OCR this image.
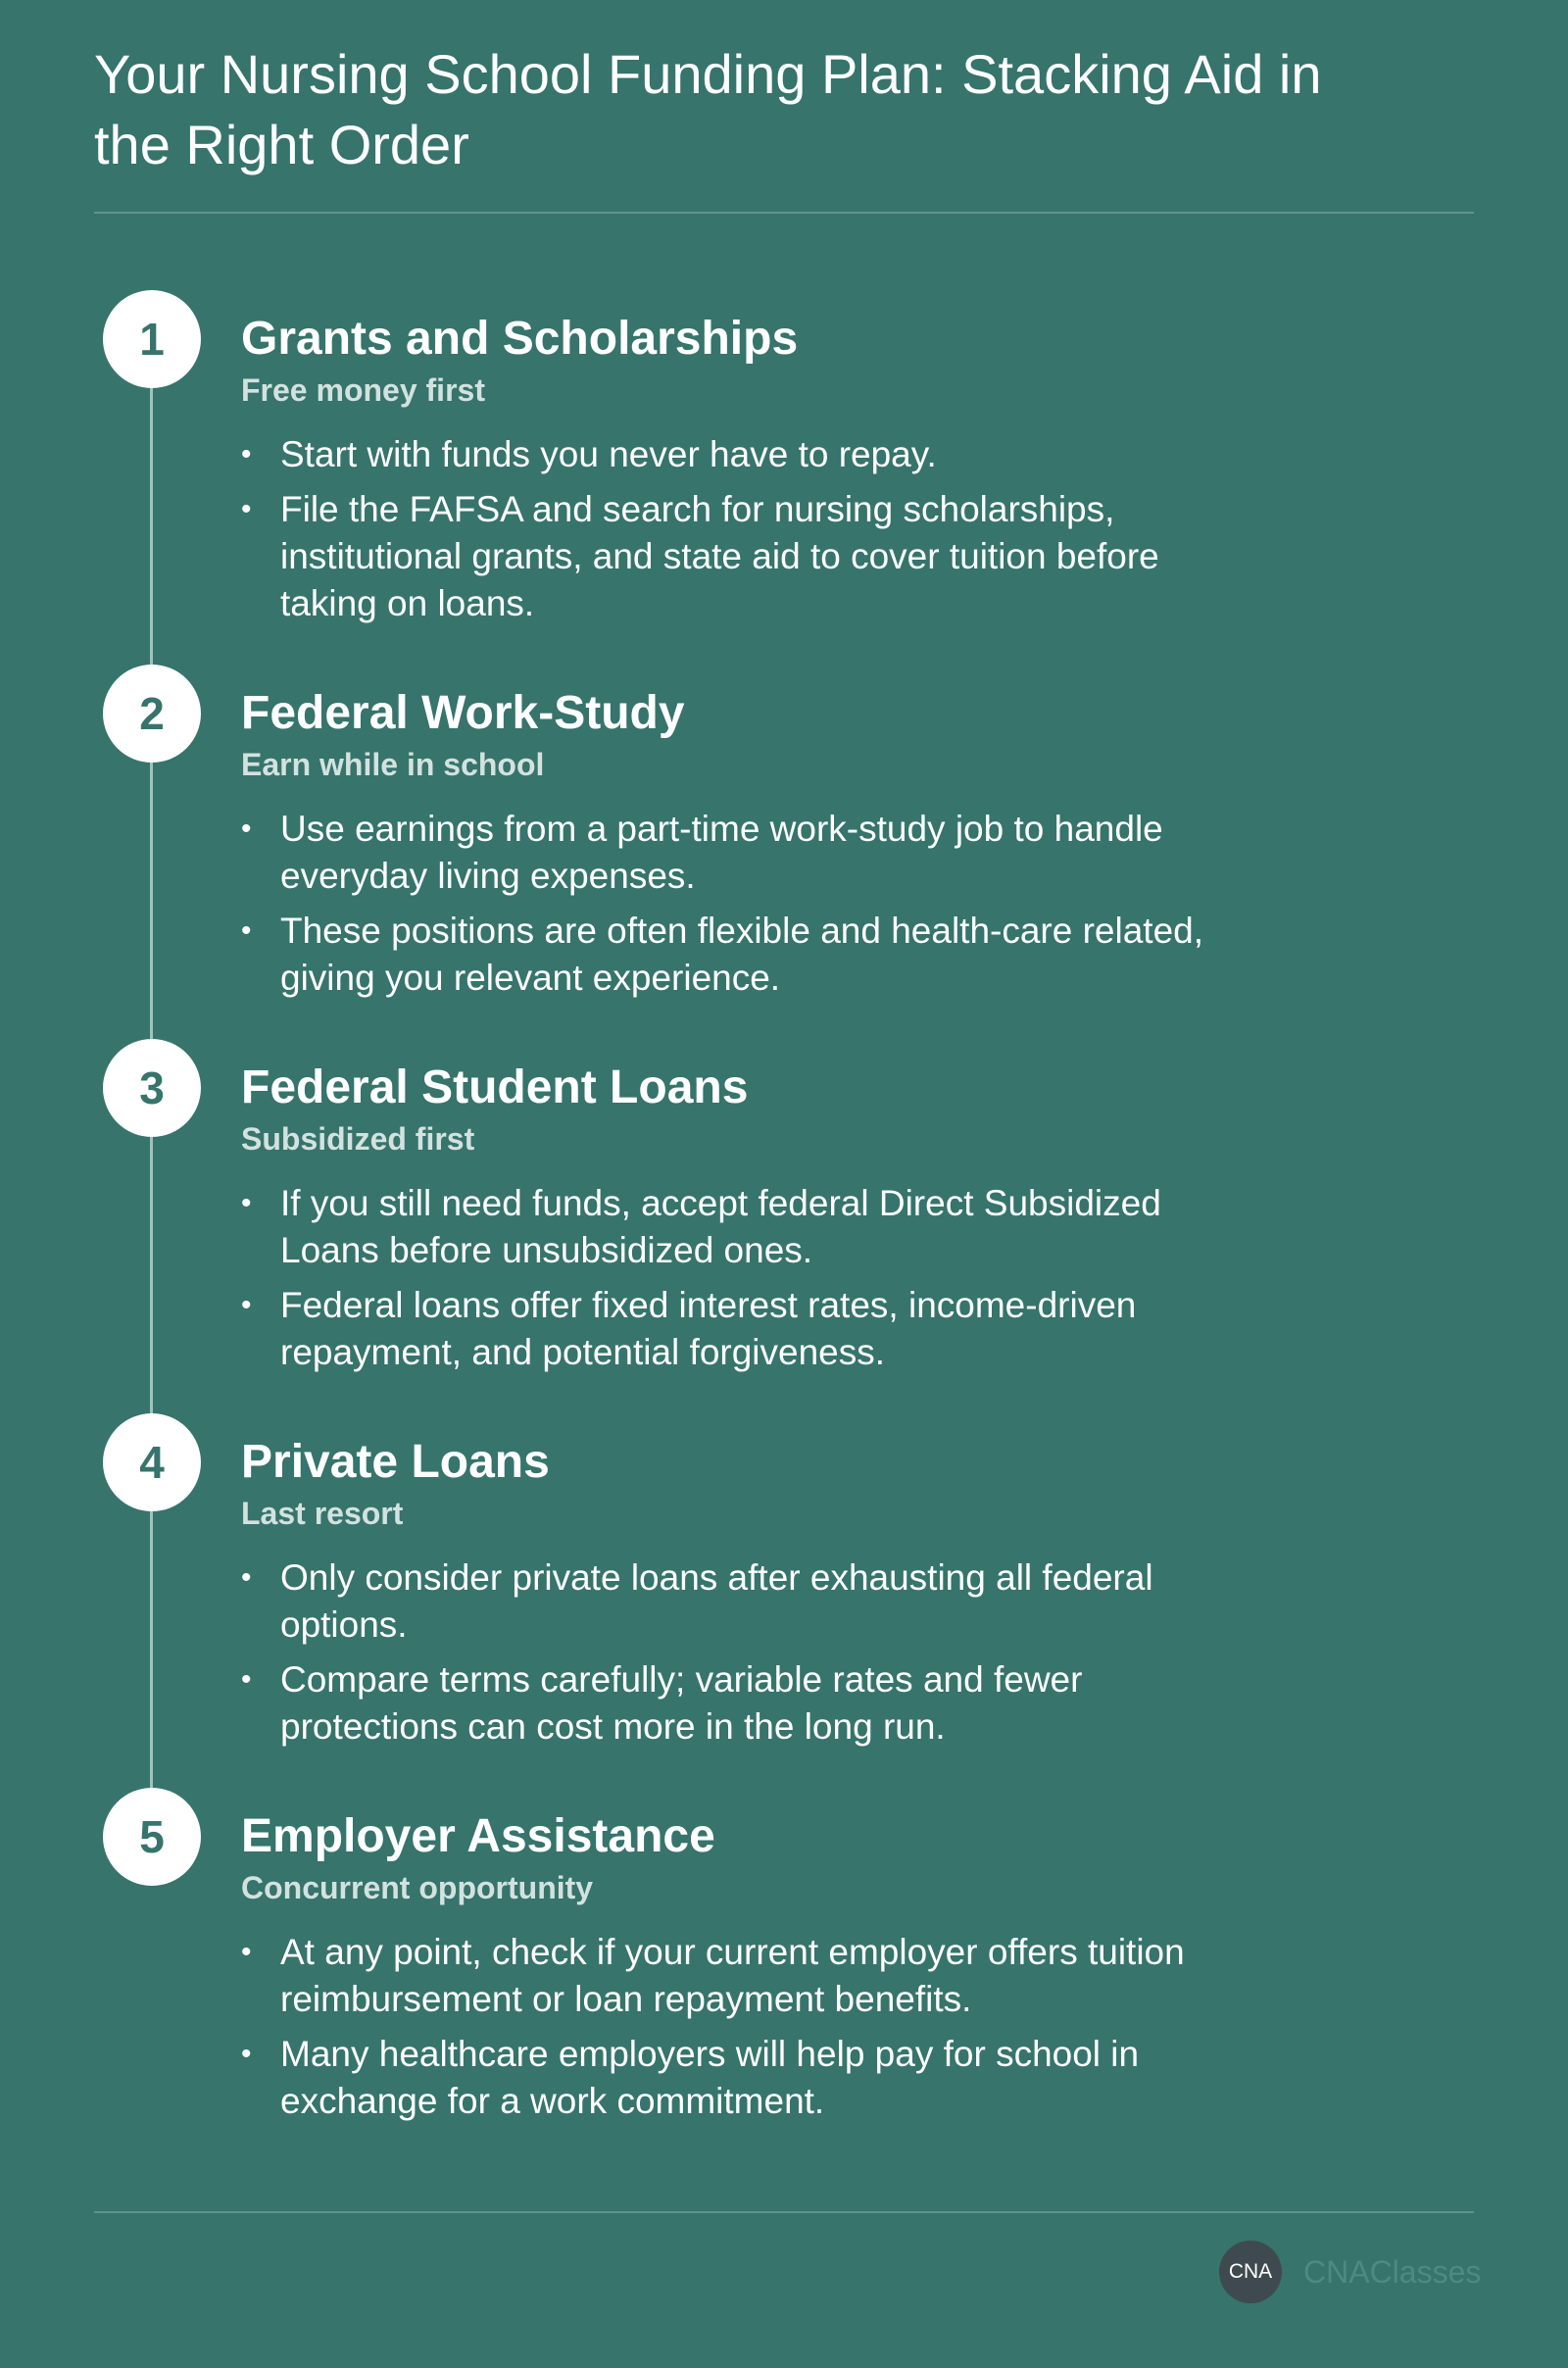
Your Nursing School Funding Plan: Stacking Aid in the Right Order
1	Grants and Scholarships
Free money first
• Start with funds you never have to repay.
• File the FAFSA and search for nursing scholarships, institutional grants, and state aid to cover tuition before taking on loans.
2	Federal Work-Study
Earn while in school
• Use earnings from a part-time work-study job to handle everyday living expenses.
• These positions are often flexible and health-care related, giving you relevant experience.
3	Federal Student Loans
Subsidized first
• If you still need funds, accept federal Direct Subsidized Loans before unsubsidized ones.
• Federal loans offer fixed interest rates, income-driven repayment, and potential forgiveness.
4	Private Loans
Last resort
• Only consider private loans after exhausting all federal options.
• Compare terms carefully; variable rates and fewer protections can cost more in the long run.
5	Employer Assistance
Concurrent opportunity
• At any point, check if your current employer offers tuition reimbursement or loan repayment benefits.
• Many healthcare employers will help pay for school in exchange for a work commitment.
CNA CNAClasses
